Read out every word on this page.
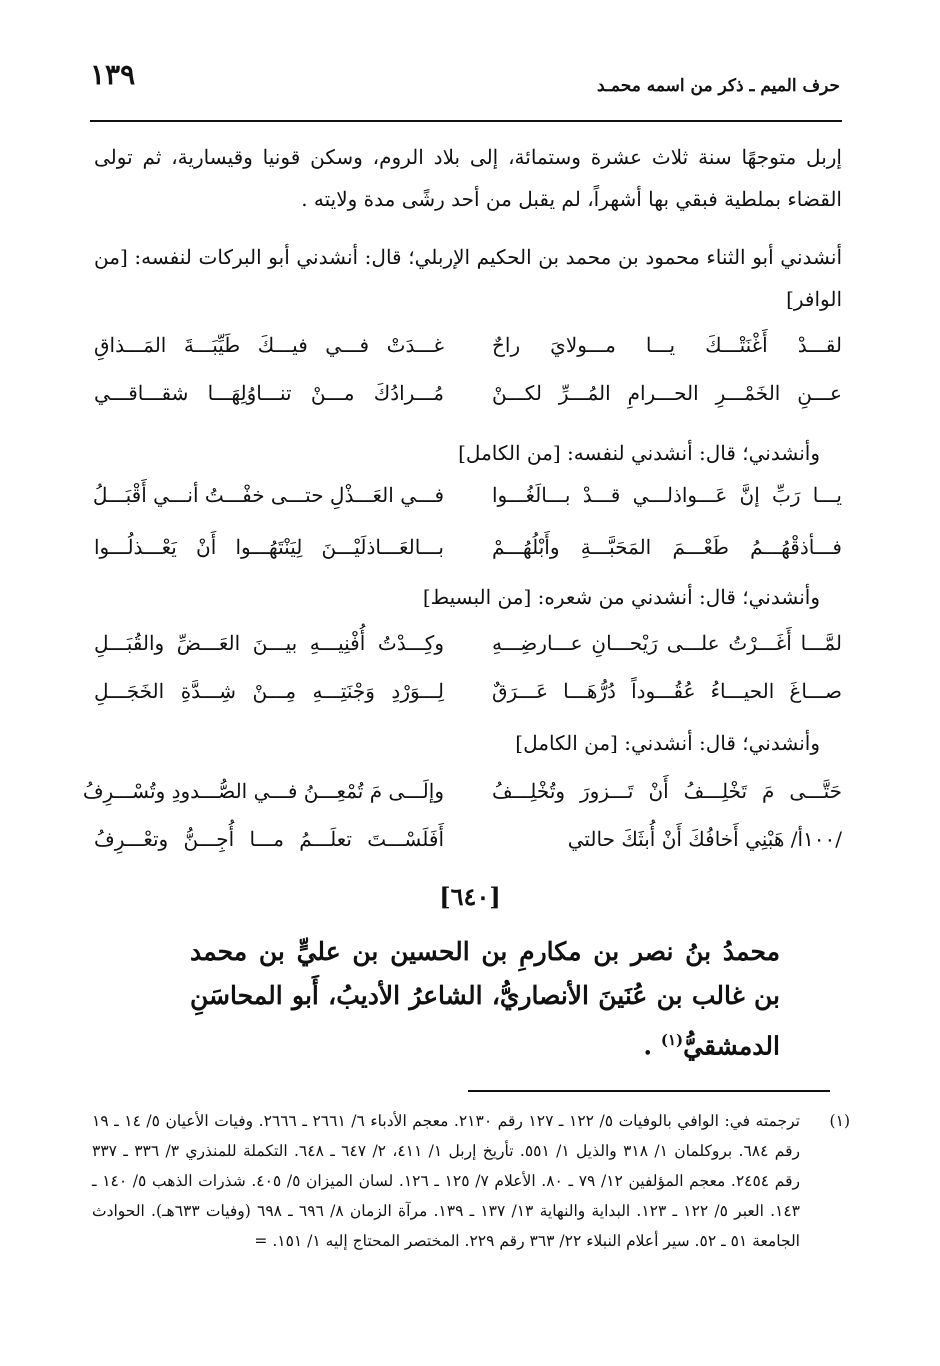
١٣٩	حرف الميم ـ ذكر من اسمه محمـد
إربل متوجهًا سنة ثلاث عشرة وستمائة، إلى بلاد الروم، وسكن قونيا وقيسارية، ثم تولى القضاء بملطية فبقي بها أشهراً، لم يقبل من أحد رشًى مدة ولايته .
أنشدني أبو الثناء محمود بن محمد بن الحكيم الإربلي؛ قال: أنشدني أبو البركات لنفسه: [من الوافر]
لقـــدْ أَغْنَتْـــكَ يـــا مـــولايَ راحٌ
غـــدَتْ فـــي فيـــكَ طَيِّبَـــةَ المَـــذاقِ
عـــنِ الخَمْـــرِ الحـــرامِ المُـــرِّ لكـــنْ
مُـــرادُكَ مـــنْ تنـــاوُلِهَـــا شقـــاقـــي
وأنشدني؛ قال: أنشدني لنفسه: [من الكامل]
يـــا رَبِّ إنَّ عَـــواذلـــي قـــدْ بـــالَغُـــوا
فـــي العَـــذْلِ حتـــى خفْـــتُ أنـــي أَقْبَـــلُ
فـــأذقْهُـــمُ طَعْـــمَ المَحَبَّـــةِ وأَبْلُهُـــمْ
بـــالعَـــاذلَيْـــنَ لِيَنْتَهُـــوا أَنْ يَعْـــذلُـــوا
وأنشدني؛ قال: أنشدني من شعره: [من البسيط]
لمَّـــا أَغَـــرْتُ علـــى رَيْحـــانِ عـــارضِـــهِ
وكِـــدْتُ أُفْنِيـــهِ بيـــنَ العَـــضِّ والقُبَـــلِ
صـــاغَ الحيـــاءُ عُقُـــوداً دُرُّهَـــا عَـــرَقٌ
لِـــوَرْدِ وَجْنَتِـــهِ مِـــنْ شِـــدَّةِ الخَجَـــلِ
وأنشدني؛ قال: أنشدني: [من الكامل]
حَتَّـــى مَ تَخْلِـــفُ أَنْ تَـــزورَ وتُخْلِـــفُ
وإلَـــى مَ تُمْعِـــنُ فـــي الصُّـــدودِ وتُسْـــرِفُ
/١٠٠أ/ هَبْنِي أَخافُكَ أَنْ أُبثَكَ حالتي
أَفَلَسْـــتَ تعلَـــمُ مـــا أُجِـــنُّ وتعْـــرِفُ
[٦٤٠]
محمدُ بنُ نصر بن مكارمِ بن الحسين بن عليٍّ بن محمد بن غالب بن عُنَينَ الأنصاريُّ، الشاعرُ الأديبُ، أَبو المحاسَنِ الدمشقيُّ$^{(١)}$ .
(١)
ترجمته في: الوافي بالوفيات ٥/ ١٢٢ ـ ١٢٧ رقم ٢١٣٠. معجم الأدباء ٦/ ٢٦٦١ ـ ٢٦٦٦. وفيات الأعيان ٥/ ١٤ ـ ١٩ رقم ٦٨٤. بروكلمان ١/ ٣١٨ والذيل ١/ ٥٥١. تأريخ إربل ١/ ٤١١، ٢/ ٦٤٧ ـ ٦٤٨. التكملة للمنذري ٣/ ٣٣٦ ـ ٣٣٧ رقم ٢٤٥٤. معجم المؤلفين ١٢/ ٧٩ ـ ٨٠. الأعلام ٧/ ١٢٥ ـ ١٢٦. لسان الميزان ٥/ ٤٠٥. شذرات الذهب ٥/ ١٤٠ ـ ١٤٣. العبر ٥/ ١٢٢ ـ ١٢٣. البداية والنهاية ١٣/ ١٣٧ ـ ١٣٩. مرآة الزمان ٨/ ٦٩٦ ـ ٦٩٨ (وفيات ٦٣٣هـ). الحوادث الجامعة ٥١ ـ ٥٢. سير أعلام النبلاء ٢٢/ ٣٦٣ رقم ٢٢٩. المختصر المحتاج إليه ١/ ١٥١. =
